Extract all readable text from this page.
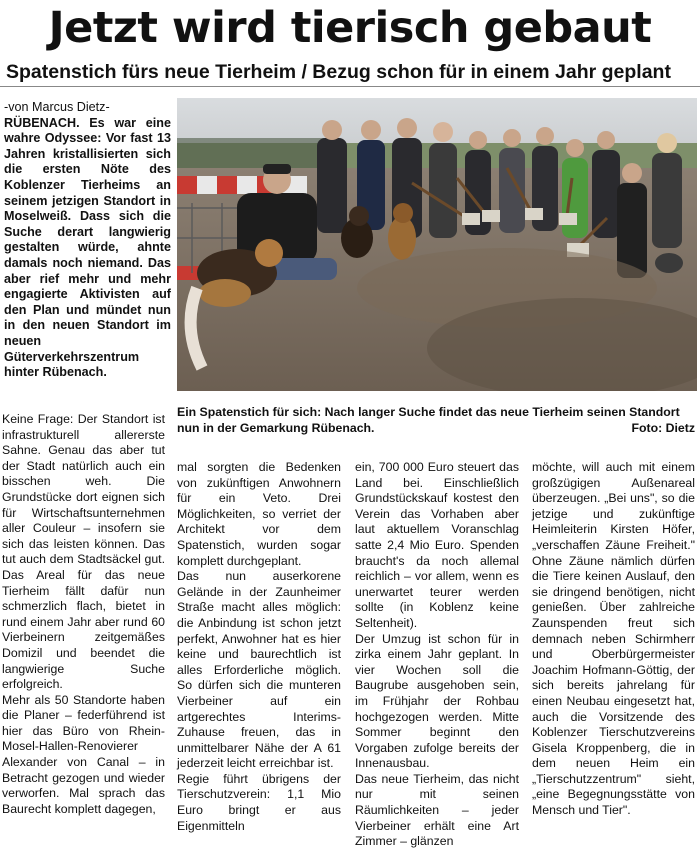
Jetzt wird tierisch gebaut
Spatenstich fürs neue Tierheim / Bezug schon für in einem Jahr geplant
-von Marcus Dietz-
RÜBENACH. Es war eine wahre Odyssee: Vor fast 13 Jahren kristallisierten sich die ersten Nöte des Koblenzer Tierheims an seinem jetzigen Standort in Moselweiß. Dass sich die Suche derart langwierig gestalten würde, ahnte damals noch niemand. Das aber rief mehr und mehr engagierte Aktivisten auf den Plan und mündet nun in den neuen Standort im neuen Güterverkehrszentrum hinter Rübenach.
Ein Spatenstich für sich: Nach langer Suche findet das neue Tierheim seinen Standort nun in der Gemarkung Rübenach.	Foto: Dietz

Keine Frage: Der Standort ist infrastrukturell allererste Sahne. Genau das aber tut der Stadt natürlich auch ein bisschen weh. Die Grundstücke dort eignen sich für Wirtschaftsunternehmen aller Couleur – insofern sie sich das leisten können. Das tut auch dem Stadtsäckel gut. Das Areal für das neue Tierheim fällt dafür nun schmerzlich flach, bietet in rund einem Jahr aber rund 60 Vierbeinern zeitgemäßes Domizil und beendet die langwierige Suche erfolgreich.

Mehr als 50 Standorte haben die Planer – federführend ist hier das Büro von Rhein-Mosel-Hallen-Renovierer Alexander von Canal – in Betracht gezogen und wieder verworfen. Mal sprach das Baurecht komplett dagegen,

mal sorgten die Bedenken von zukünftigen Anwohnern für ein Veto. Drei Möglichkeiten, so verriet der Architekt vor dem Spatenstich, wurden sogar komplett durchgeplant.

Das nun auserkorene Gelände in der Zaunheimer Straße macht alles möglich: die Anbindung ist schon jetzt perfekt, Anwohner hat es hier keine und baurechtlich ist alles Erforderliche möglich. So dürfen sich die munteren Vierbeiner auf ein artgerechtes Interims-Zuhause freuen, das in unmittelbarer Nähe der A 61 jederzeit leicht erreichbar ist.

Regie führt übrigens der Tierschutzverein: 1,1 Mio Euro bringt er aus Eigenmitteln

ein, 700 000 Euro steuert das Land bei. Einschließlich Grundstückskauf kostest den Verein das Vorhaben aber laut aktuellem Voranschlag satte 2,4 Mio Euro. Spenden braucht's da noch allemal reichlich – vor allem, wenn es unerwartet teurer werden sollte (in Koblenz keine Seltenheit).

Der Umzug ist schon für in zirka einem Jahr geplant. In vier Wochen soll die Baugrube ausgehoben sein, im Frühjahr der Rohbau hochgezogen werden. Mitte Sommer beginnt den Vorgaben zufolge bereits der Innenausbau.

Das neue Tierheim, das nicht nur mit seinen Räumlichkeiten – jeder Vierbeiner erhält eine Art Zimmer – glänzen

möchte, will auch mit einem großzügigen Außenareal überzeugen. „Bei uns", so die jetzige und zukünftige Heimleiterin Kirsten Höfer, „verschaffen Zäune Freiheit." Ohne Zäune nämlich dürfen die Tiere keinen Auslauf, den sie dringend benötigen, nicht genießen. Über zahlreiche Zaunspenden freut sich demnach neben Schirmherr und Oberbürgermeister Joachim Hofmann-Göttig, der sich bereits jahrelang für einen Neubau eingesetzt hat, auch die Vorsitzende des Koblenzer Tierschutzvereins Gisela Kroppenberg, die in dem neuen Heim ein „Tierschutzzentrum" sieht, „eine Begegnungsstätte von Mensch und Tier".
